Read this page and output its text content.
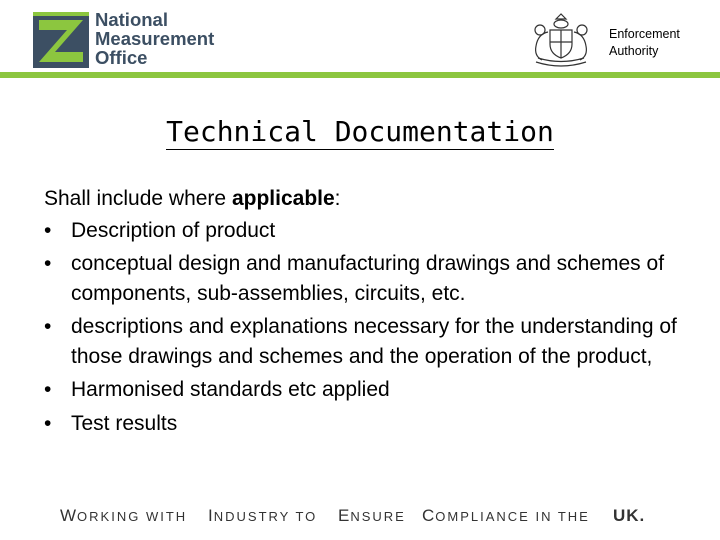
National
Measurement
Office
Enforcement
Authority
Technical Documentation

Shall include where applicable:

• Description of product
• conceptual design and manufacturing drawings and schemes of components, sub-assemblies, circuits, etc.
• descriptions and explanations necessary for the understanding of those drawings and schemes and the operation of the product,
• Harmonised standards etc applied
• Test results
WORKING WITH INDUSTRY TO ENSURE COMPLIANCE IN THE UK.
